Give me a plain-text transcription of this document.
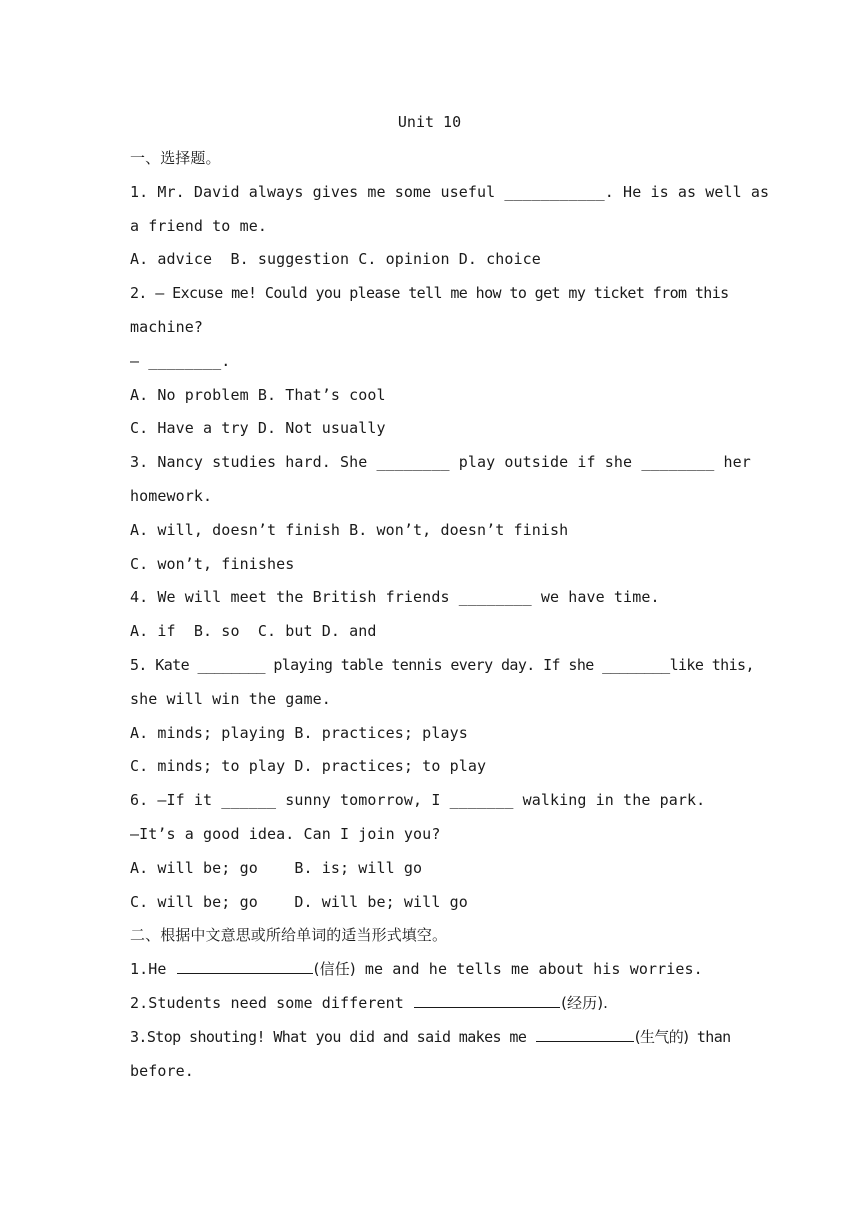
Unit 10
一、选择题。
1. Mr. David always gives me some useful ___________. He is as well as
a friend to me.
A. advice  B. suggestion C. opinion D. choice
2. — Excuse me! Could you please tell me how to get my ticket from this
machine?
— ________.
A. No problem B. That’s cool
C. Have a try D. Not usually
3. Nancy studies hard. She ________ play outside if she ________ her
homework.
A. will, doesn’t finish B. won’t, doesn’t finish
C. won’t, finishes
4. We will meet the British friends ________ we have time.
A. if  B. so  C. but D. and
5. Kate ________ playing table tennis every day. If she ________like this,
she will win the game.
A. minds; playing B. practices; plays
C. minds; to play D. practices; to play
6. —If it ______ sunny tomorrow, I _______ walking in the park.
—It’s a good idea. Can I join you?
A. will be; go    B. is; will go
C. will be; go    D. will be; will go
二、根据中文意思或所给单词的适当形式填空。
1.He	(信任) me and he tells me about his worries.
2.Students need some different	(经历).
3.Stop shouting! What you did and said makes me	(生气的) than
before.
